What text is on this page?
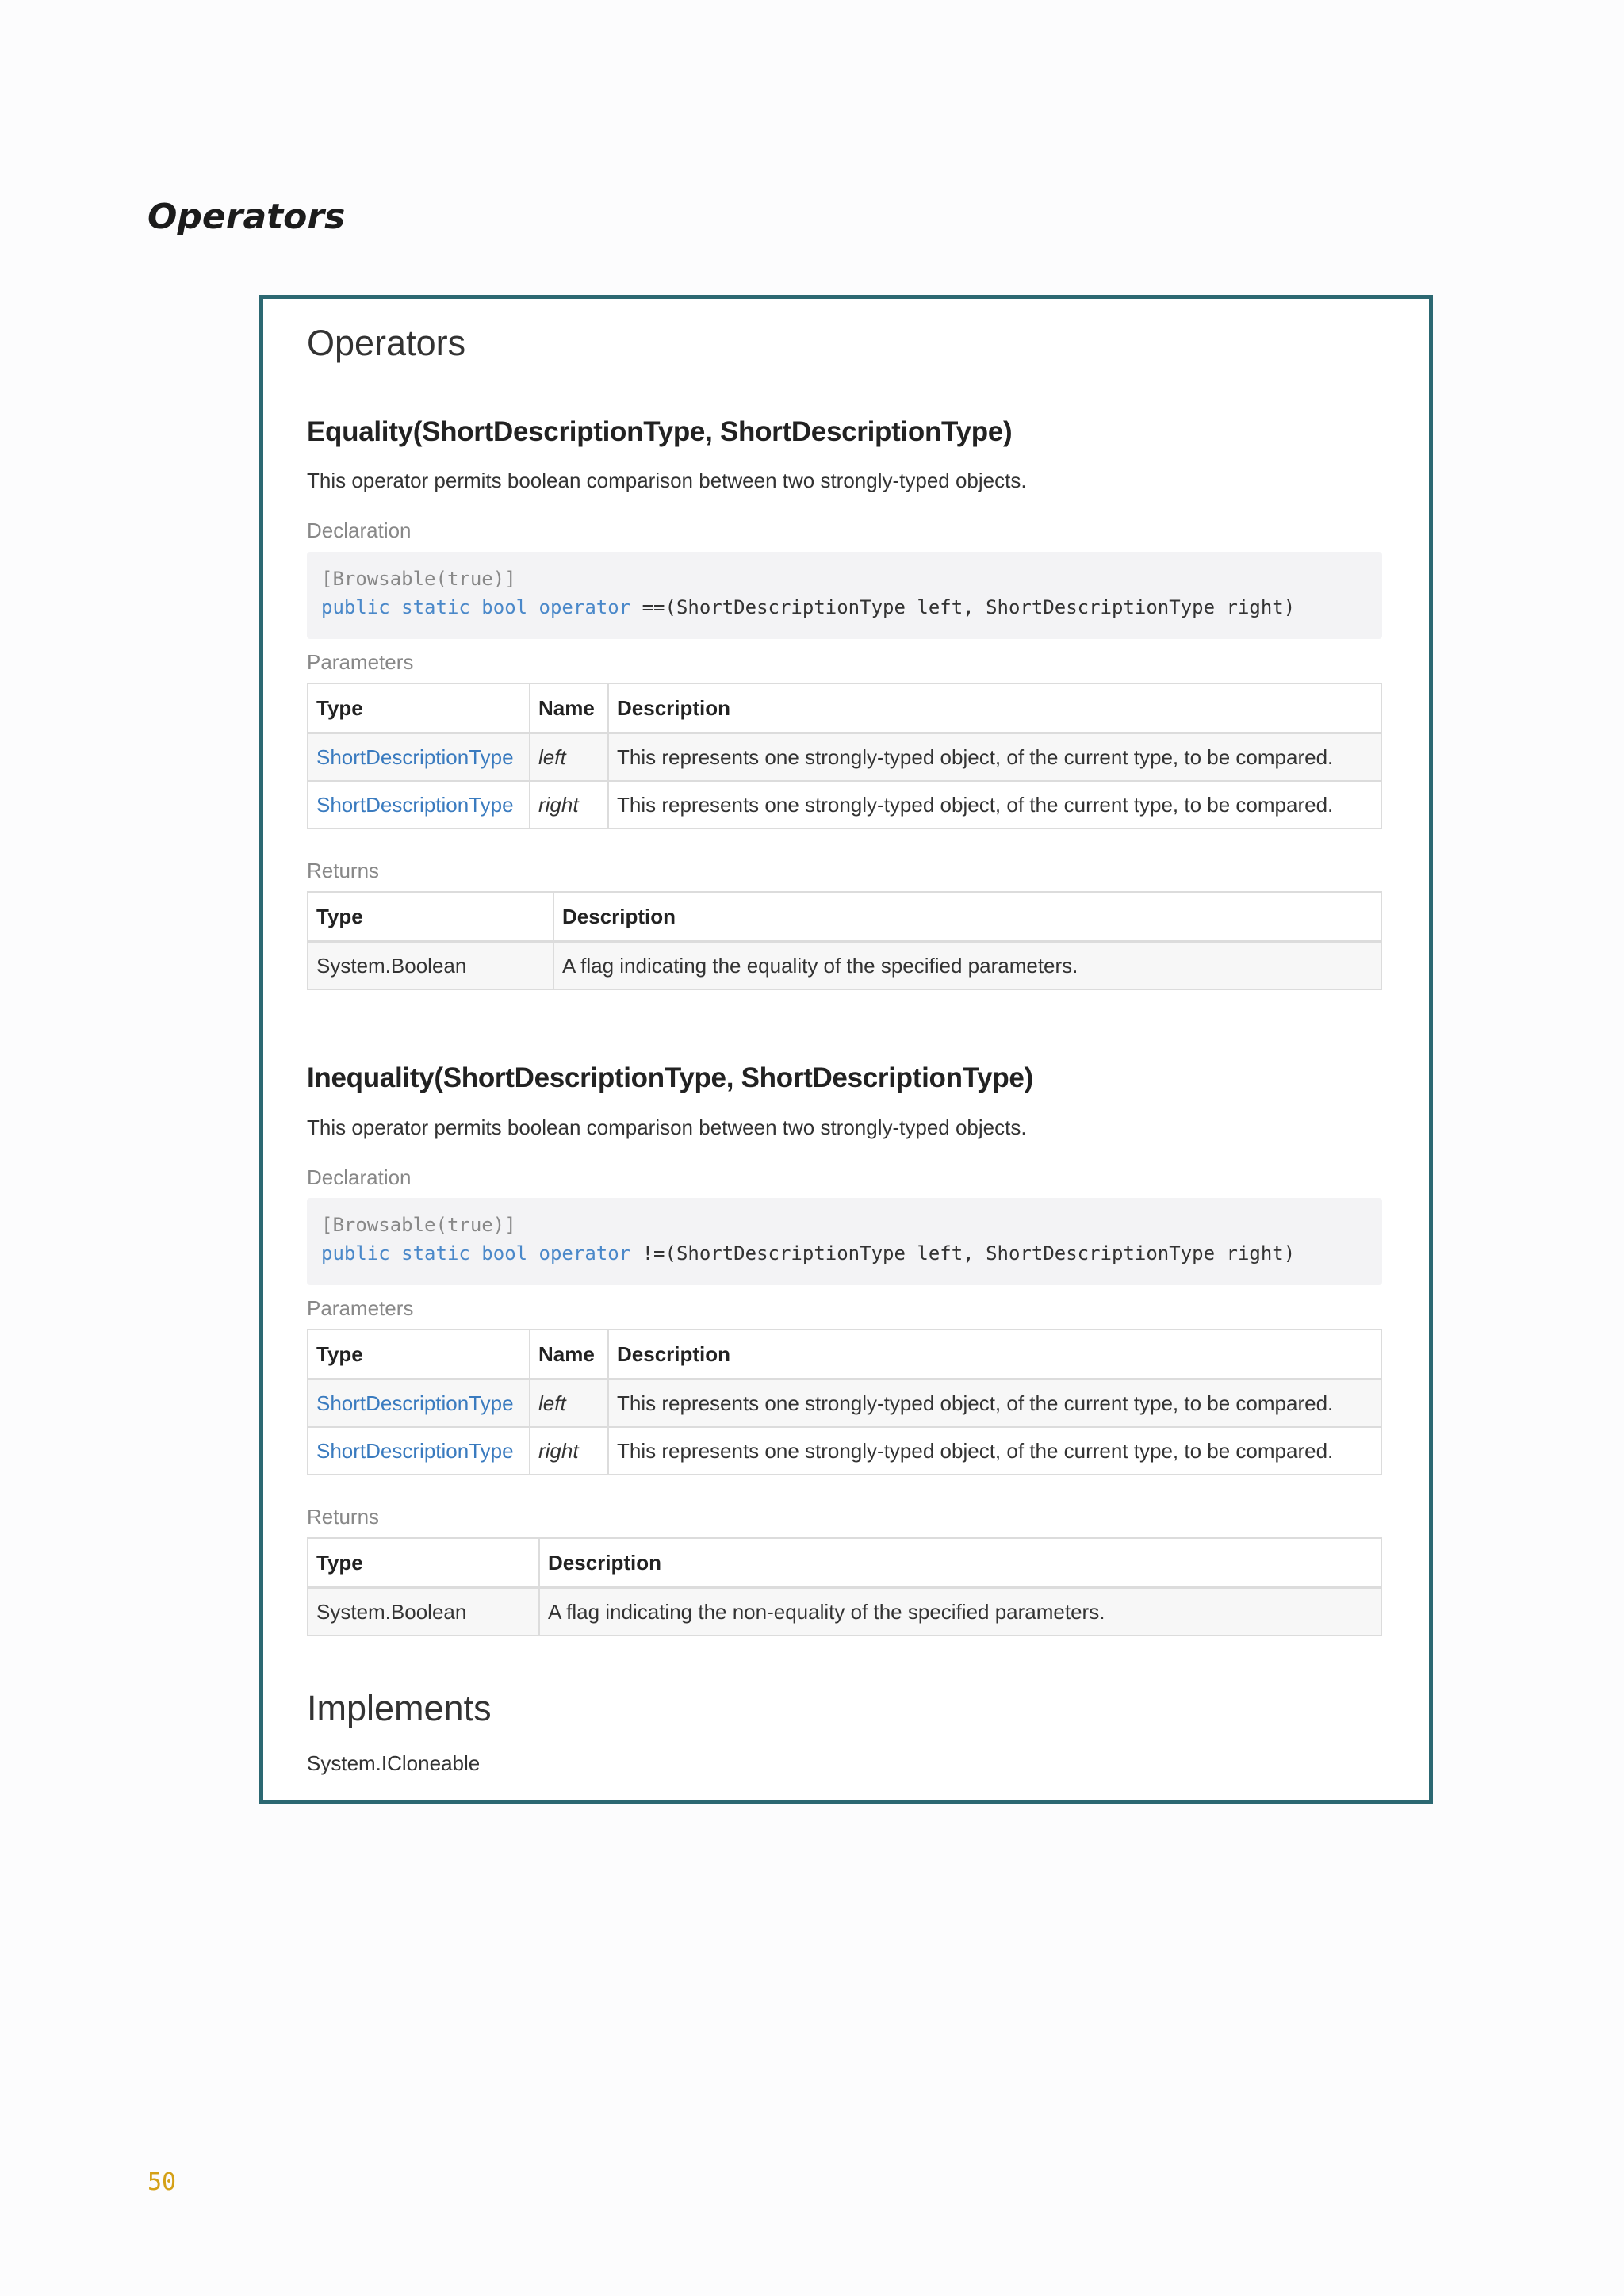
Operators
Operators
Equality(ShortDescriptionType, ShortDescriptionType)
This operator permits boolean comparison between two strongly-typed objects.
Declaration
[Browsable(true)]
public static bool operator ==(ShortDescriptionType left, ShortDescriptionType right)
Parameters
Type	Name	Description
ShortDescriptionType	left	This represents one strongly-typed object, of the current type, to be compared.
ShortDescriptionType	right	This represents one strongly-typed object, of the current type, to be compared.
Returns
Type	Description
System.Boolean	A flag indicating the equality of the specified parameters.
Inequality(ShortDescriptionType, ShortDescriptionType)
This operator permits boolean comparison between two strongly-typed objects.
Declaration
[Browsable(true)]
public static bool operator !=(ShortDescriptionType left, ShortDescriptionType right)
Parameters
Type	Name	Description
ShortDescriptionType	left	This represents one strongly-typed object, of the current type, to be compared.
ShortDescriptionType	right	This represents one strongly-typed object, of the current type, to be compared.
Returns
Type	Description
System.Boolean	A flag indicating the non-equality of the specified parameters.
Implements
System.ICloneable
50
